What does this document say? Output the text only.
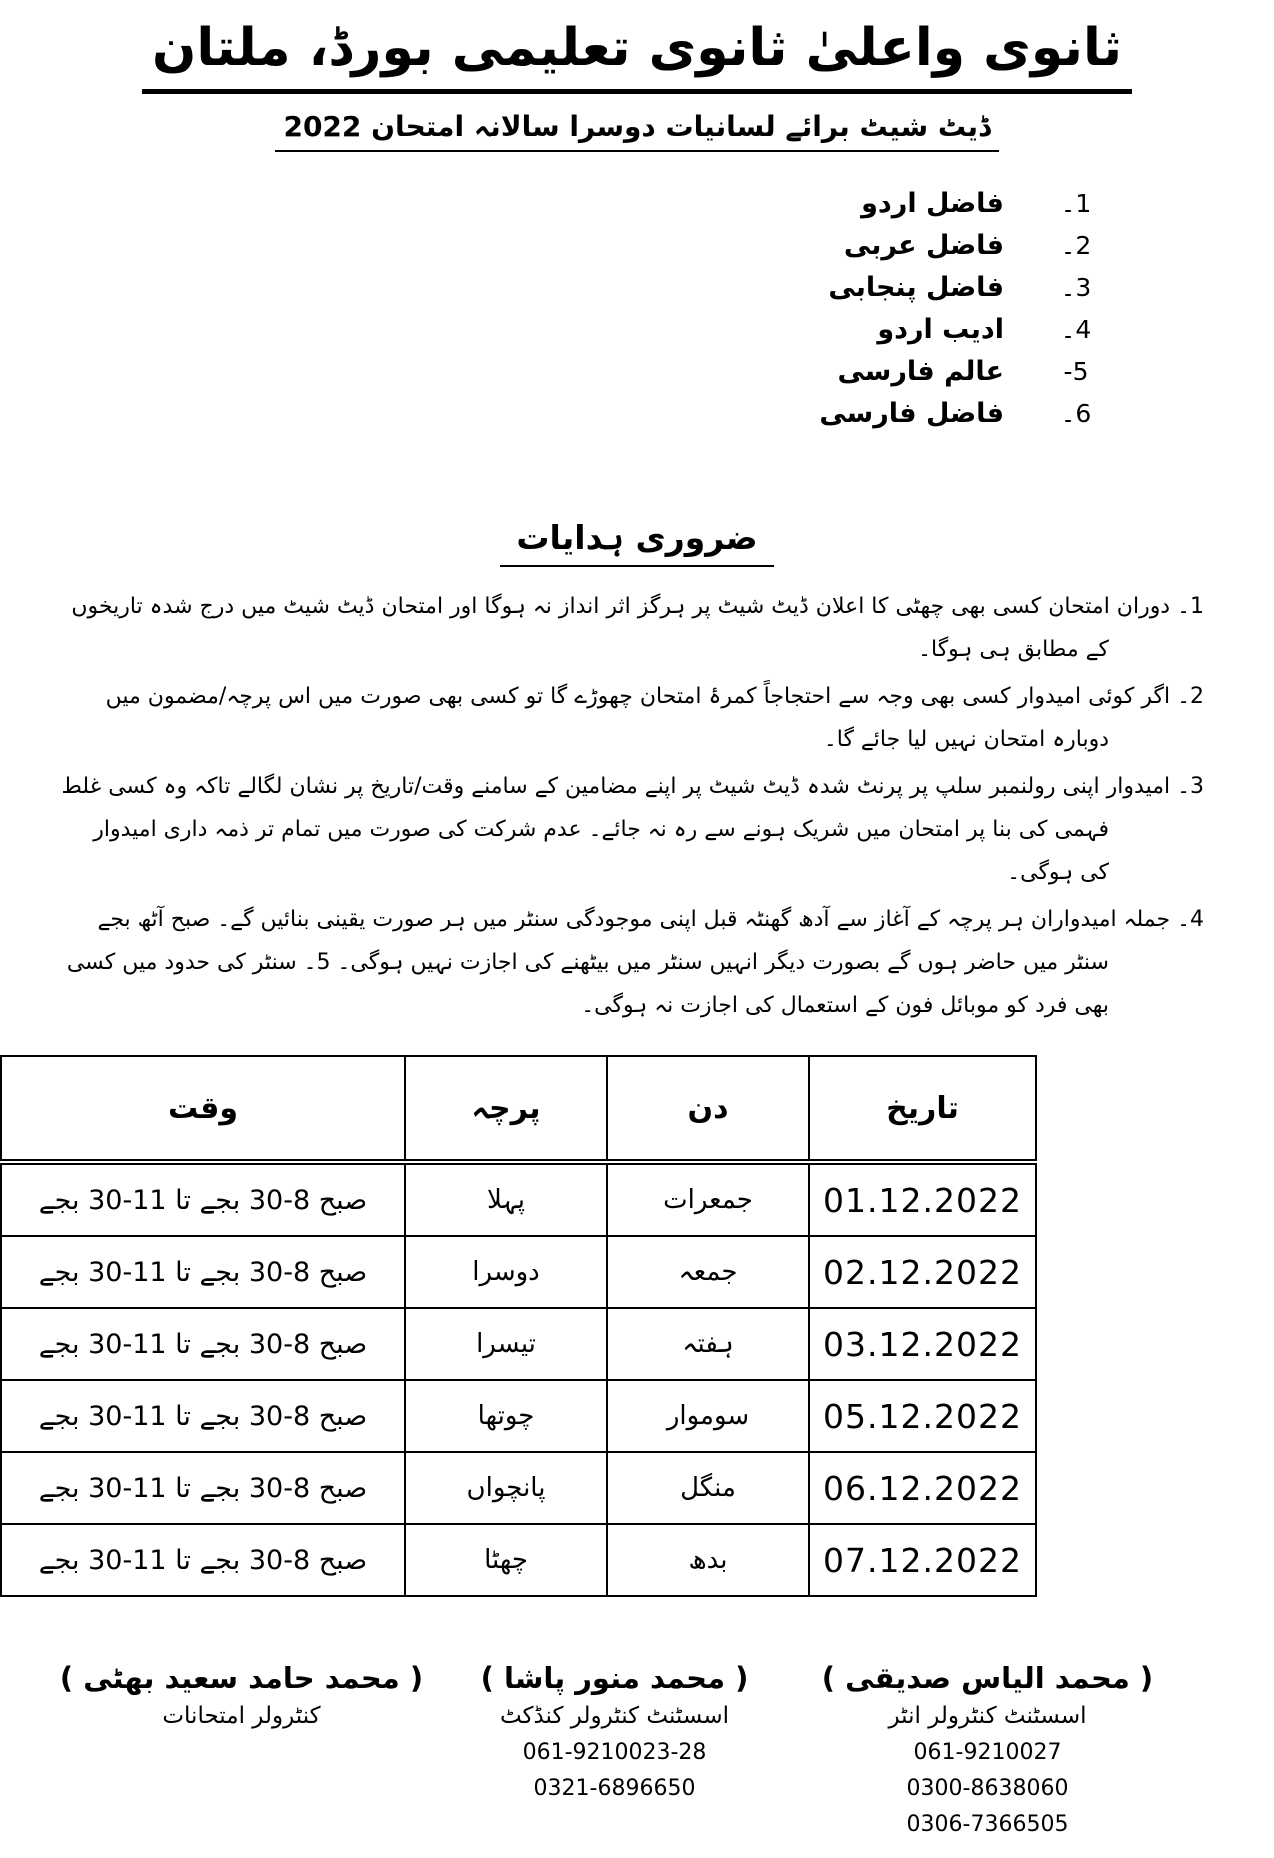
ثانوی واعلیٰ ثانوی تعلیمی بورڈ، ملتان
ڈیٹ شیٹ برائے لسانیات دوسرا سالانہ امتحان 2022
1۔
فاضل اردو
2۔
فاضل عربی
3۔
فاضل پنجابی
4۔
ادیب اردو
5-
عالم فارسی
6۔
فاضل فارسی
ضروری ہدایات

1۔ دوران امتحان کسی بھی چھٹی کا اعلان ڈیٹ شیٹ پر ہرگز اثر انداز نہ ہوگا اور امتحان ڈیٹ شیٹ میں درج شدہ تاریخوں کے مطابق ہی ہوگا۔

2۔ اگر کوئی امیدوار کسی بھی وجہ سے احتجاجاً کمرۂ امتحان چھوڑے گا تو کسی بھی صورت میں اس پرچہ/مضمون میں دوبارہ امتحان نہیں لیا جائے گا۔

3۔ امیدوار اپنی رولنمبر سلپ پر پرنٹ شدہ ڈیٹ شیٹ پر اپنے مضامین کے سامنے وقت/تاریخ پر نشان لگالے تاکہ وہ کسی غلط فہمی کی بنا پر امتحان میں شریک ہونے سے رہ نہ جائے۔ عدم شرکت کی صورت میں تمام تر ذمہ داری امیدوار کی ہوگی۔

4۔ جملہ امیدواران ہر پرچہ کے آغاز سے آدھ گھنٹہ قبل اپنی موجودگی سنٹر میں ہر صورت یقینی بنائیں گے۔ صبح آٹھ بجے سنٹر میں حاضر ہوں گے بصورت دیگر انہیں سنٹر میں بیٹھنے کی اجازت نہیں ہوگی۔ 5۔ سنٹر کی حدود میں کسی بھی فرد کو موبائل فون کے استعمال کی اجازت نہ ہوگی۔

تاریخ	دن	پرچہ	وقت
01.12.2022	جمعرات	پہلا	صبح 8-30 بجے تا 11-30 بجے
02.12.2022	جمعہ	دوسرا	صبح 8-30 بجے تا 11-30 بجے
03.12.2022	ہفتہ	تیسرا	صبح 8-30 بجے تا 11-30 بجے
05.12.2022	سوموار	چوتھا	صبح 8-30 بجے تا 11-30 بجے
06.12.2022	منگل	پانچواں	صبح 8-30 بجے تا 11-30 بجے
07.12.2022	بدھ	چھٹا	صبح 8-30 بجے تا 11-30 بجے
( محمد حامد سعید بھٹی )
کنٹرولر امتحانات
( محمد منور پاشا )
اسسٹنٹ کنٹرولر کنڈکٹ
061-9210023-28
0321-6896650
( محمد الیاس صدیقی )
اسسٹنٹ کنٹرولر انٹر
061-9210027
0300-8638060
0306-7366505
